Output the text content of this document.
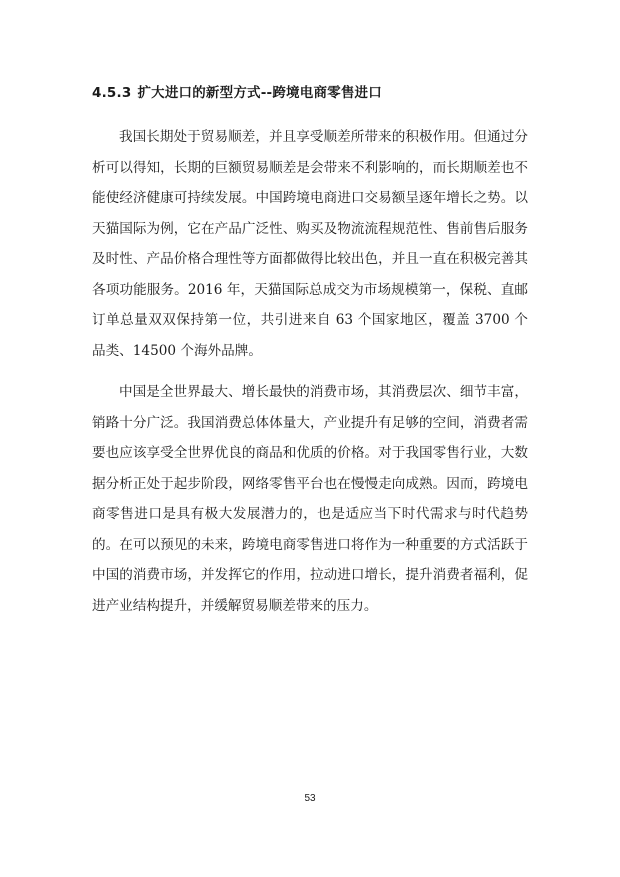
4.5.3 扩大进口的新型方式--跨境电商零售进口

我国长期处于贸易顺差，并且享受顺差所带来的积极作用。但通过分析可以得知，长期的巨额贸易顺差是会带来不利影响的，而长期顺差也不能使经济健康可持续发展。中国跨境电商进口交易额呈逐年增长之势。以天猫国际为例，它在产品广泛性、购买及物流流程规范性、售前售后服务及时性、产品价格合理性等方面都做得比较出色，并且一直在积极完善其各项功能服务。2016 年，天猫国际总成交为市场规模第一，保税、直邮订单总量双双保持第一位，共引进来自 63 个国家地区，覆盖 3700 个品类、14500 个海外品牌。

中国是全世界最大、增长最快的消费市场，其消费层次、细节丰富，销路十分广泛。我国消费总体体量大，产业提升有足够的空间，消费者需要也应该享受全世界优良的商品和优质的价格。对于我国零售行业，大数据分析正处于起步阶段，网络零售平台也在慢慢走向成熟。因而，跨境电商零售进口是具有极大发展潜力的，也是适应当下时代需求与时代趋势的。在可以预见的未来，跨境电商零售进口将作为一种重要的方式活跃于中国的消费市场，并发挥它的作用，拉动进口增长，提升消费者福利，促进产业结构提升，并缓解贸易顺差带来的压力。

53
